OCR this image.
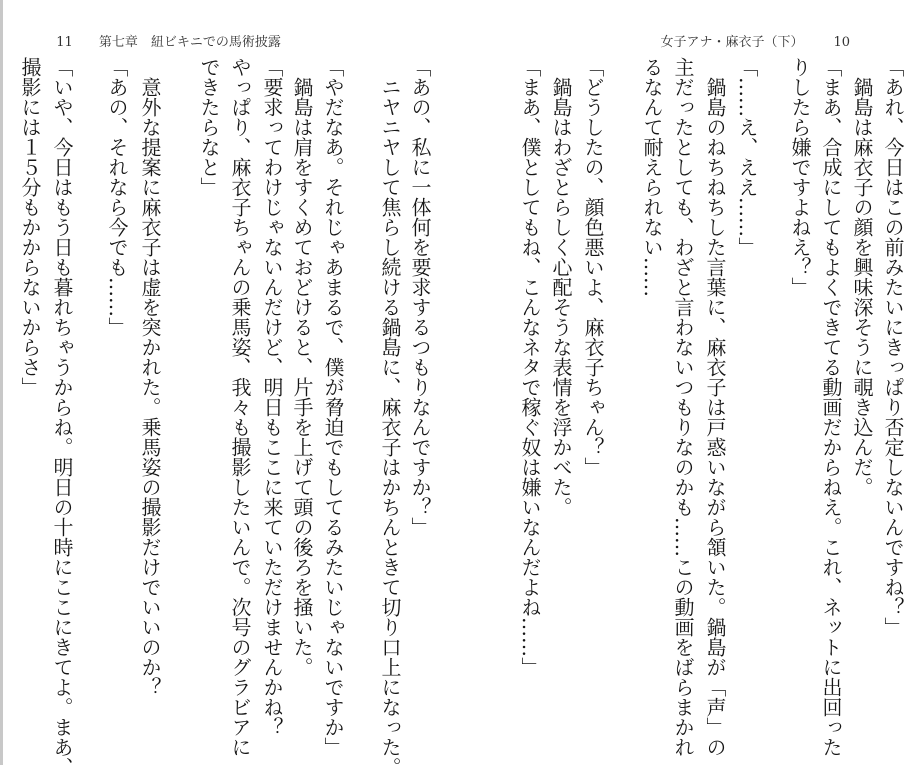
11 第七章　紐ビキニでの馬術披露	女子アナ・麻衣子（下） 10

「あれ、今日はこの前みたいにきっぱり否定しないんですね？」
　鍋島は麻衣子の顔を興味深そうに覗き込んだ。
「まあ、合成にしてもよくできてる動画だからねえ。これ、ネットに出回った
りしたら嫌ですよねえ？」
「……え、ええ……」
　鍋島のねちねちした言葉に、麻衣子は戸惑いながら頷いた。鍋島が「声」の
主だったとしても、わざと言わないつもりなのかも……この動画をばらまかれ
るなんて耐えられない……
「どうしたの、顔色悪いよ、麻衣子ちゃん？」
　鍋島はわざとらしく心配そうな表情を浮かべた。
「まあ、僕としてもね、こんなネタで稼ぐ奴は嫌いなんだよね……」
「あの、私に一体何を要求するつもりなんですか？」
　ニヤニヤして焦らし続ける鍋島に、麻衣子はかちんときて切り口上になった。
「やだなあ。それじゃあまるで、僕が脅迫でもしてるみたいじゃないですか」
　鍋島は肩をすくめておどけると、片手を上げて頭の後ろを掻いた。
「要求ってわけじゃないんだけど、明日もここに来ていただけませんかね？
やっぱり、麻衣子ちゃんの乗馬姿、我々も撮影したいんで。次号のグラビアに
できたらなと」
　意外な提案に麻衣子は虚を突かれた。乗馬姿の撮影だけでいいのか？
「あの、それなら今でも……」
「いや、今日はもう日も暮れちゃうからね。明日の十時にここにきてよ。まあ、
撮影には１５分もかからないからさ」
